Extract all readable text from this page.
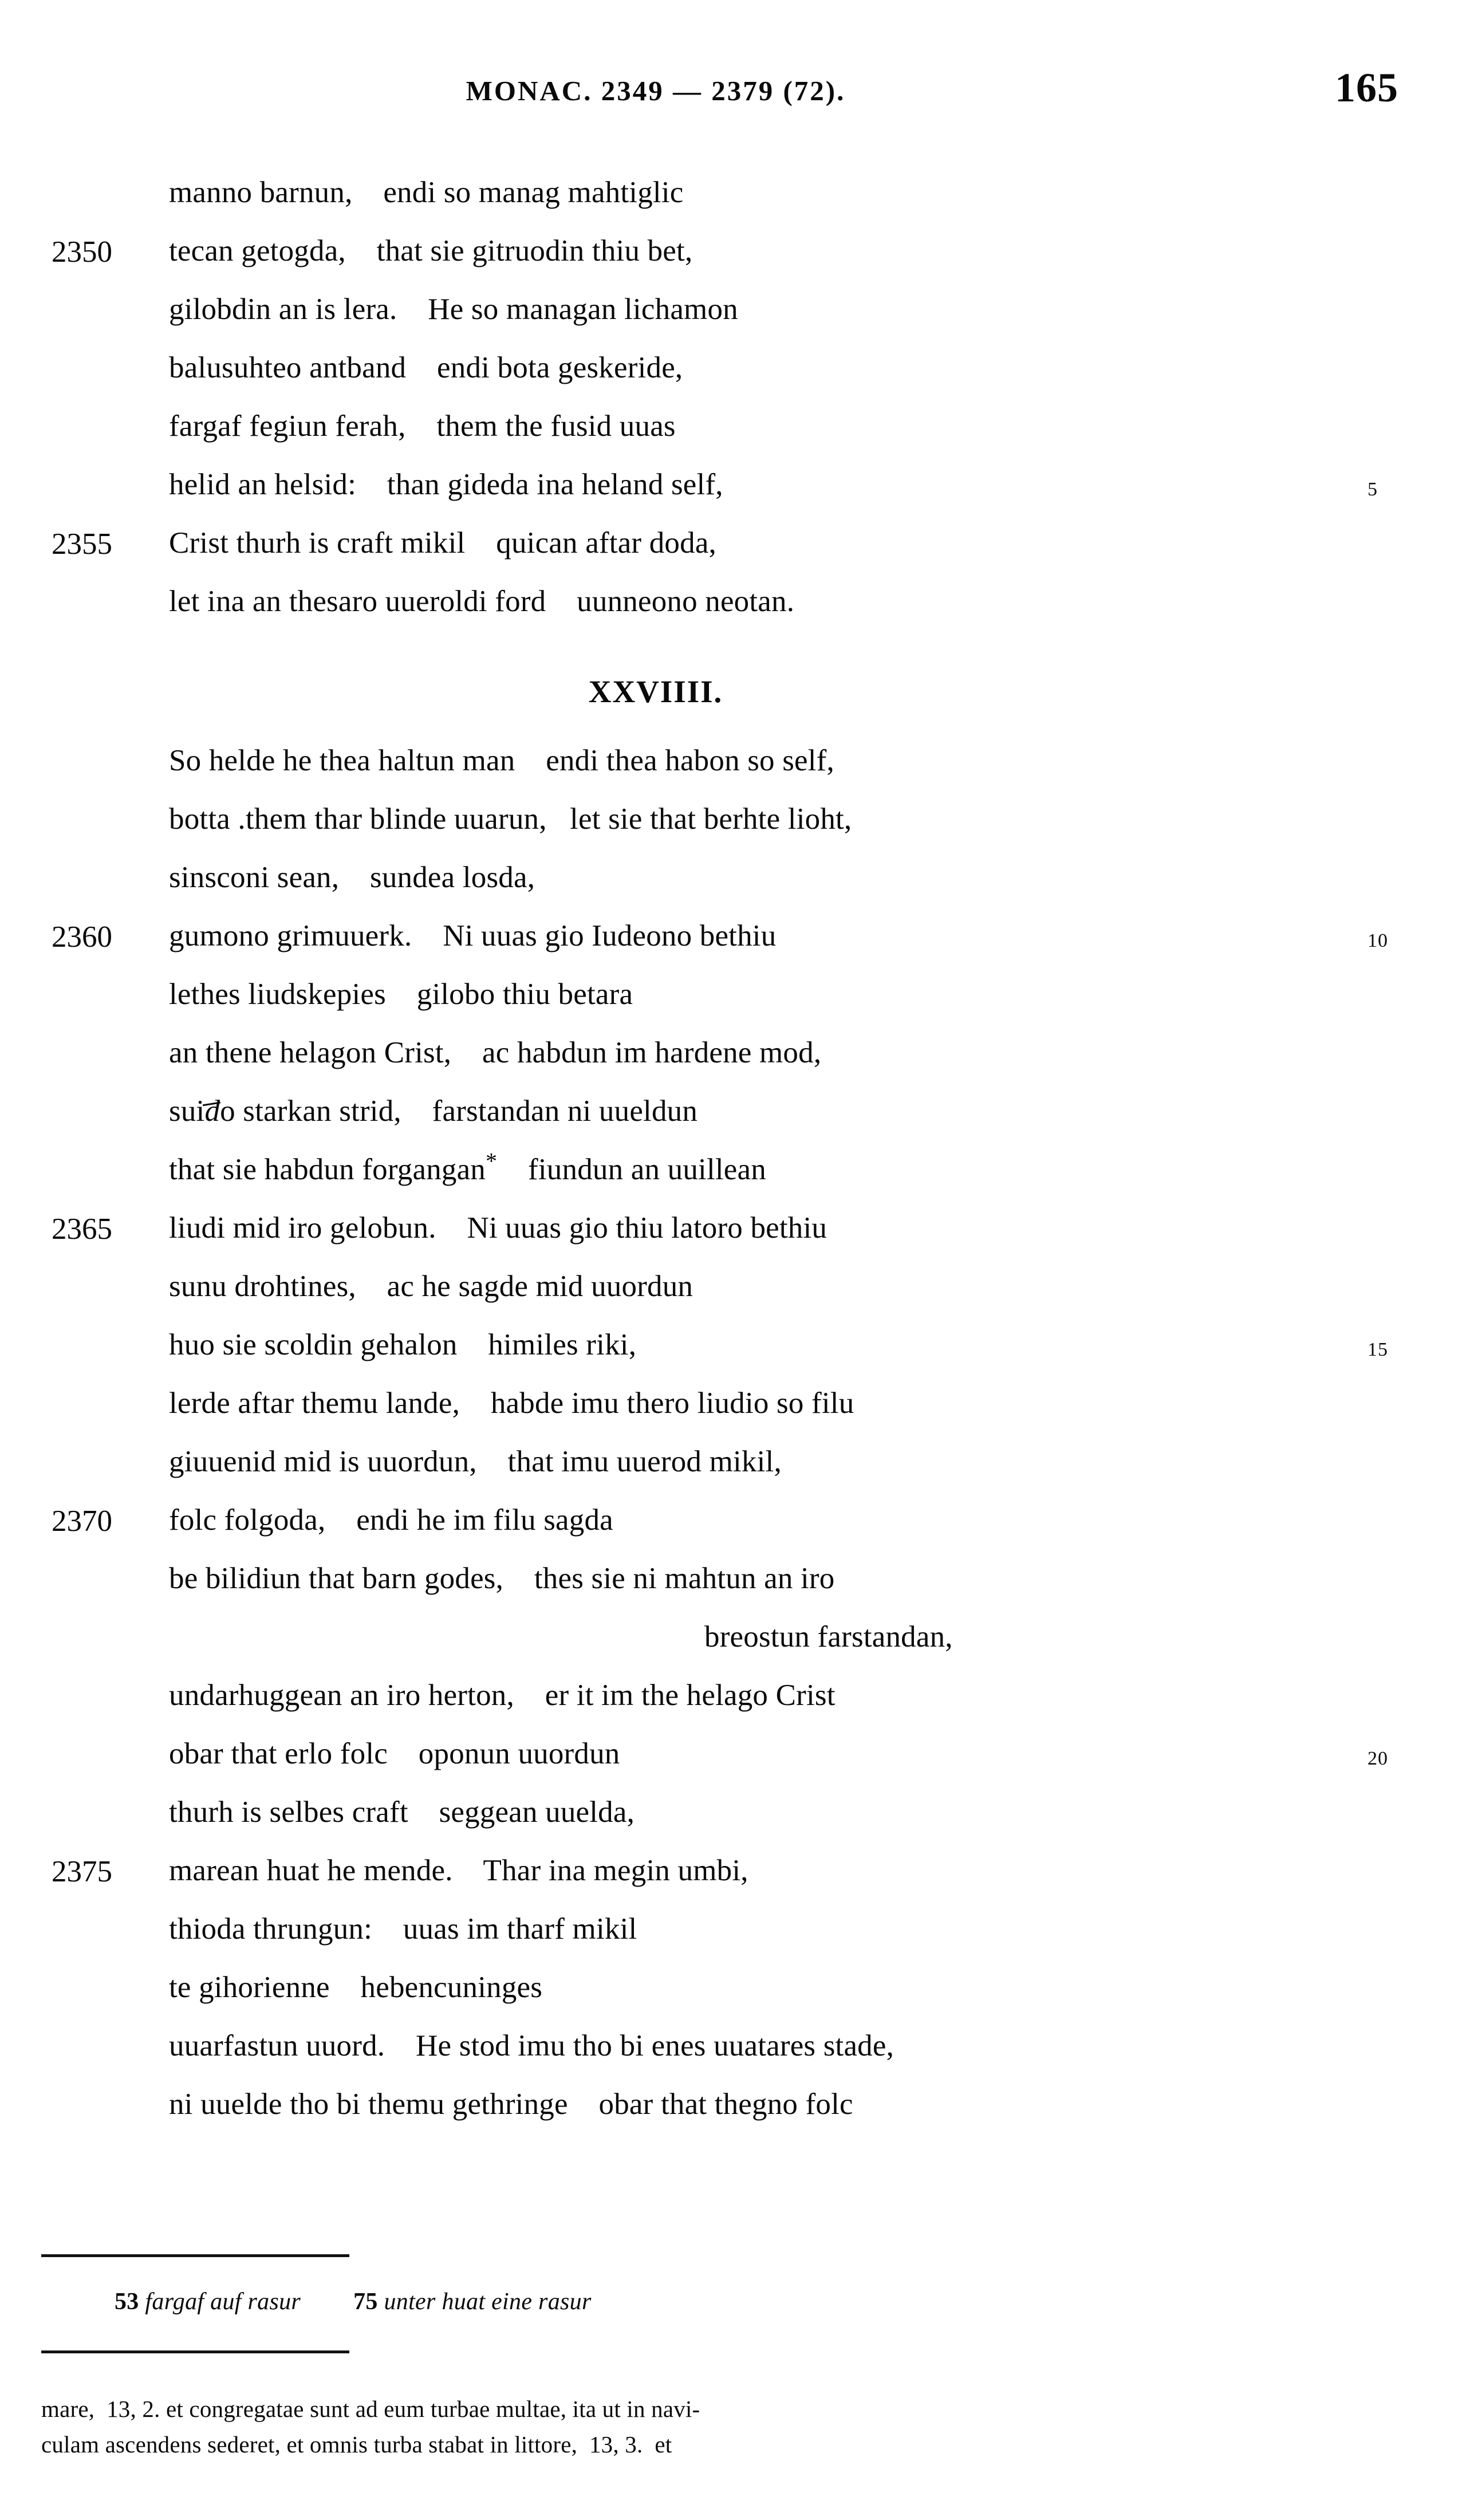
MONAC. 2349 — 2379 (72).	165
manno barnun,    endi so manag mahtiglic
2350	tecan getogda,    that sie gitruodin thiu bet,
gilobdin an is lera.    He so managan lichamon
balusuhteo antband    endi bota geskeride,
fargaf fegiun ferah,    them the fusid uuas
helid an helsid:    than gideda ina heland self,	5
2355	Crist thurh is craft mikil    quican aftar doda,
let ina an thesaro uueroldi ford    uunneono neotan.
XXVIIII.
So helde he thea haltun man    endi thea habon so self,
botta .them thar blinde uuarun,   let sie that berhte lioht,
sinsconi sean,    sundea losda,
2360	gumono grimuuerk.    Ni uuas gio Iudeono bethiu	10
lethes liudskepies    gilobo thiu betara
an thene helagon Crist,    ac habdun im hardene mod,
suido starkan strid,    farstandan ni uueldun
that sie habdun forgangan*    fiundun an uuillean
2365	liudi mid iro gelobun.    Ni uuas gio thiu latoro bethiu
sunu drohtines,    ac he sagde mid uuordun
huo sie scoldin gehalon    himiles riki,	15
lerde aftar themu lande,    habde imu thero liudio so filu
giuuenid mid is uuordun,    that imu uuerod mikil,
2370	folc folgoda,    endi he im filu sagda
be bilidiun that barn godes,    thes sie ni mahtun an iro
breostun farstandan,
undarhuggean an iro herton,    er it im the helago Crist
obar that erlo folc    oponun uuordun	20
thurh is selbes craft    seggean uuelda,
2375	marean huat he mende.    Thar ina megin umbi,
thioda thrungun:    uuas im tharf mikil
te gihorienne    hebencuninges
uuarfastun uuord.    He stod imu tho bi enes uuatares stade,
ni uuelde tho bi themu gethringe    obar that thegno folc
53 fargaf auf rasur 75 unter huat eine rasur
mare,  13, 2. et congregatae sunt ad eum turbae multae, ita ut in navi-
culam ascendens sederet, et omnis turba stabat in littore,  13, 3.  et
